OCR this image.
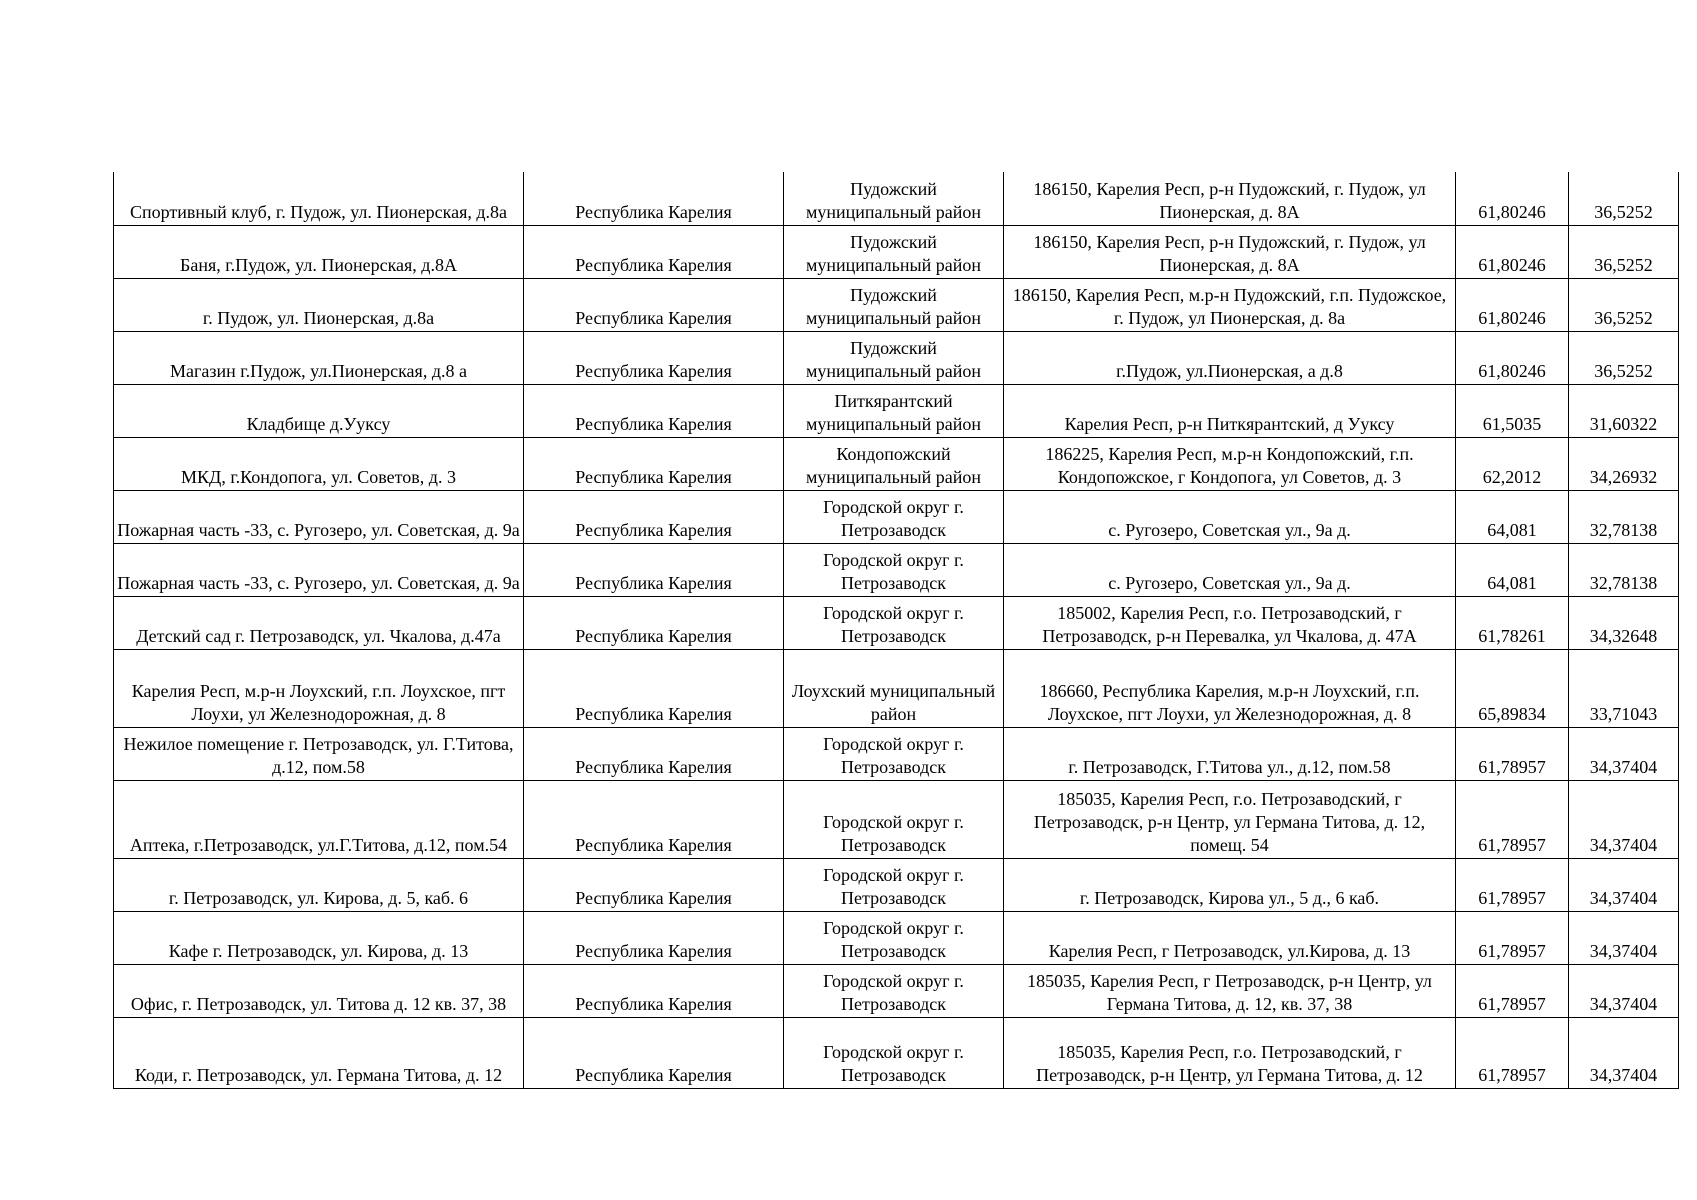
Спортивный клуб, г. Пудож, ул. Пионерская, д.8а	Республика Карелия	Пудожский муниципальный район	186150, Карелия Респ, р-н Пудожский, г. Пудож, ул Пионерская, д. 8А	61,80246	36,5252
Баня, г.Пудож, ул. Пионерская, д.8А	Республика Карелия	Пудожский муниципальный район	186150, Карелия Респ, р-н Пудожский, г. Пудож, ул Пионерская, д. 8А	61,80246	36,5252
г. Пудож, ул. Пионерская, д.8а	Республика Карелия	Пудожский муниципальный район	186150, Карелия Респ, м.р-н Пудожский, г.п. Пудожское, г. Пудож, ул Пионерская, д. 8а	61,80246	36,5252
Магазин г.Пудож, ул.Пионерская, д.8 а	Республика Карелия	Пудожский муниципальный район	г.Пудож, ул.Пионерская, а д.8	61,80246	36,5252
Кладбище д.Ууксу	Республика Карелия	Питкярантский муниципальный район	Карелия Респ, р-н Питкярантский, д Ууксу	61,5035	31,60322
МКД, г.Кондопога, ул. Советов, д. 3	Республика Карелия	Кондопожский муниципальный район	186225, Карелия Респ, м.р-н Кондопожский, г.п. Кондопожское, г Кондопога, ул Советов, д. 3	62,2012	34,26932
Пожарная часть -33, с. Ругозеро, ул. Советская, д. 9а	Республика Карелия	Городской округ г. Петрозаводск	с. Ругозеро, Советская ул., 9а д.	64,081	32,78138
Пожарная часть -33, с. Ругозеро, ул. Советская, д. 9а	Республика Карелия	Городской округ г. Петрозаводск	с. Ругозеро, Советская ул., 9а д.	64,081	32,78138
Детский сад г. Петрозаводск, ул. Чкалова, д.47а	Республика Карелия	Городской округ г. Петрозаводск	185002, Карелия Респ, г.о. Петрозаводский, г Петрозаводск, р-н Перевалка, ул Чкалова, д. 47А	61,78261	34,32648
Карелия Респ, м.р-н Лоухский, г.п. Лоухское, пгт Лоухи, ул Железнодорожная, д. 8	Республика Карелия	Лоухский муниципальный район	186660, Республика Карелия, м.р-н Лоухский, г.п. Лоухское, пгт Лоухи, ул Железнодорожная, д. 8	65,89834	33,71043
Нежилое помещение г. Петрозаводск, ул. Г.Титова, д.12, пом.58	Республика Карелия	Городской округ г. Петрозаводск	г. Петрозаводск, Г.Титова ул., д.12, пом.58	61,78957	34,37404
Аптека, г.Петрозаводск, ул.Г.Титова, д.12, пом.54	Республика Карелия	Городской округ г. Петрозаводск	185035, Карелия Респ, г.о. Петрозаводский, г Петрозаводск, р-н Центр, ул Германа Титова, д. 12, помещ. 54	61,78957	34,37404
г. Петрозаводск, ул. Кирова, д. 5, каб. 6	Республика Карелия	Городской округ г. Петрозаводск	г. Петрозаводск, Кирова ул., 5 д., 6 каб.	61,78957	34,37404
Кафе г. Петрозаводск, ул. Кирова, д. 13	Республика Карелия	Городской округ г. Петрозаводск	Карелия Респ, г Петрозаводск, ул.Кирова, д. 13	61,78957	34,37404
Офис, г. Петрозаводск, ул. Титова д. 12 кв. 37, 38	Республика Карелия	Городской округ г. Петрозаводск	185035, Карелия Респ, г Петрозаводск, р-н Центр, ул Германа Титова, д. 12, кв. 37, 38	61,78957	34,37404
Коди, г. Петрозаводск, ул. Германа Титова, д. 12	Республика Карелия	Городской округ г. Петрозаводск	185035, Карелия Респ, г.о. Петрозаводский, г Петрозаводск, р-н Центр, ул Германа Титова, д. 12	61,78957	34,37404
